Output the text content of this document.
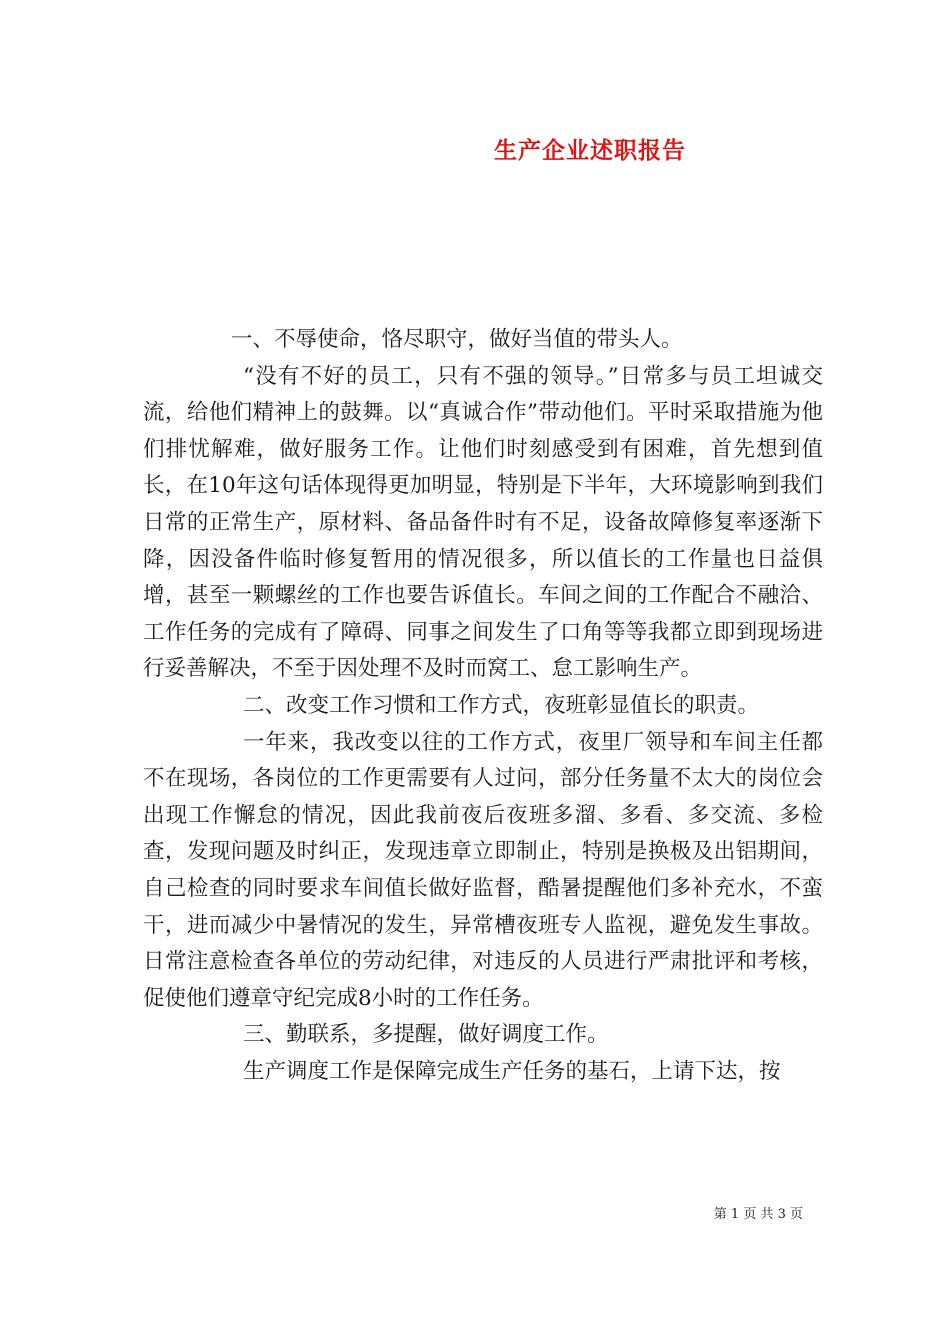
生产企业述职报告

一、不辱使命，恪尽职守，做好当值的带头人。

“没有不好的员工，只有不强的领导。”日常多与员工坦诚交流，给他们精神上的鼓舞。以“真诚合作”带动他们。平时采取措施为他们排忧解难，做好服务工作。让他们时刻感受到有困难，首先想到值长，在10年这句话体现得更加明显，特别是下半年，大环境影响到我们日常的正常生产，原材料、备品备件时有不足，设备故障修复率逐渐下降，因没备件临时修复暂用的情况很多，所以值长的工作量也日益俱增，甚至一颗螺丝的工作也要告诉值长。车间之间的工作配合不融洽、工作任务的完成有了障碍、同事之间发生了口角等等我都立即到现场进行妥善解决，不至于因处理不及时而窝工、怠工影响生产。

二、改变工作习惯和工作方式，夜班彰显值长的职责。

一年来，我改变以往的工作方式，夜里厂领导和车间主任都不在现场，各岗位的工作更需要有人过问，部分任务量不太大的岗位会出现工作懈怠的情况，因此我前夜后夜班多溜、多看、多交流、多检查，发现问题及时纠正，发现违章立即制止，特别是换极及出铝期间，自己检查的同时要求车间值长做好监督，酷暑提醒他们多补充水，不蛮干，进而减少中暑情况的发生，异常槽夜班专人监视，避免发生事故。日常注意检查各单位的劳动纪律，对违反的人员进行严肃批评和考核，促使他们遵章守纪完成8小时的工作任务。

三、勤联系，多提醒，做好调度工作。

生产调度工作是保障完成生产任务的基石，上请下达，按

第 1 页 共 3 页
